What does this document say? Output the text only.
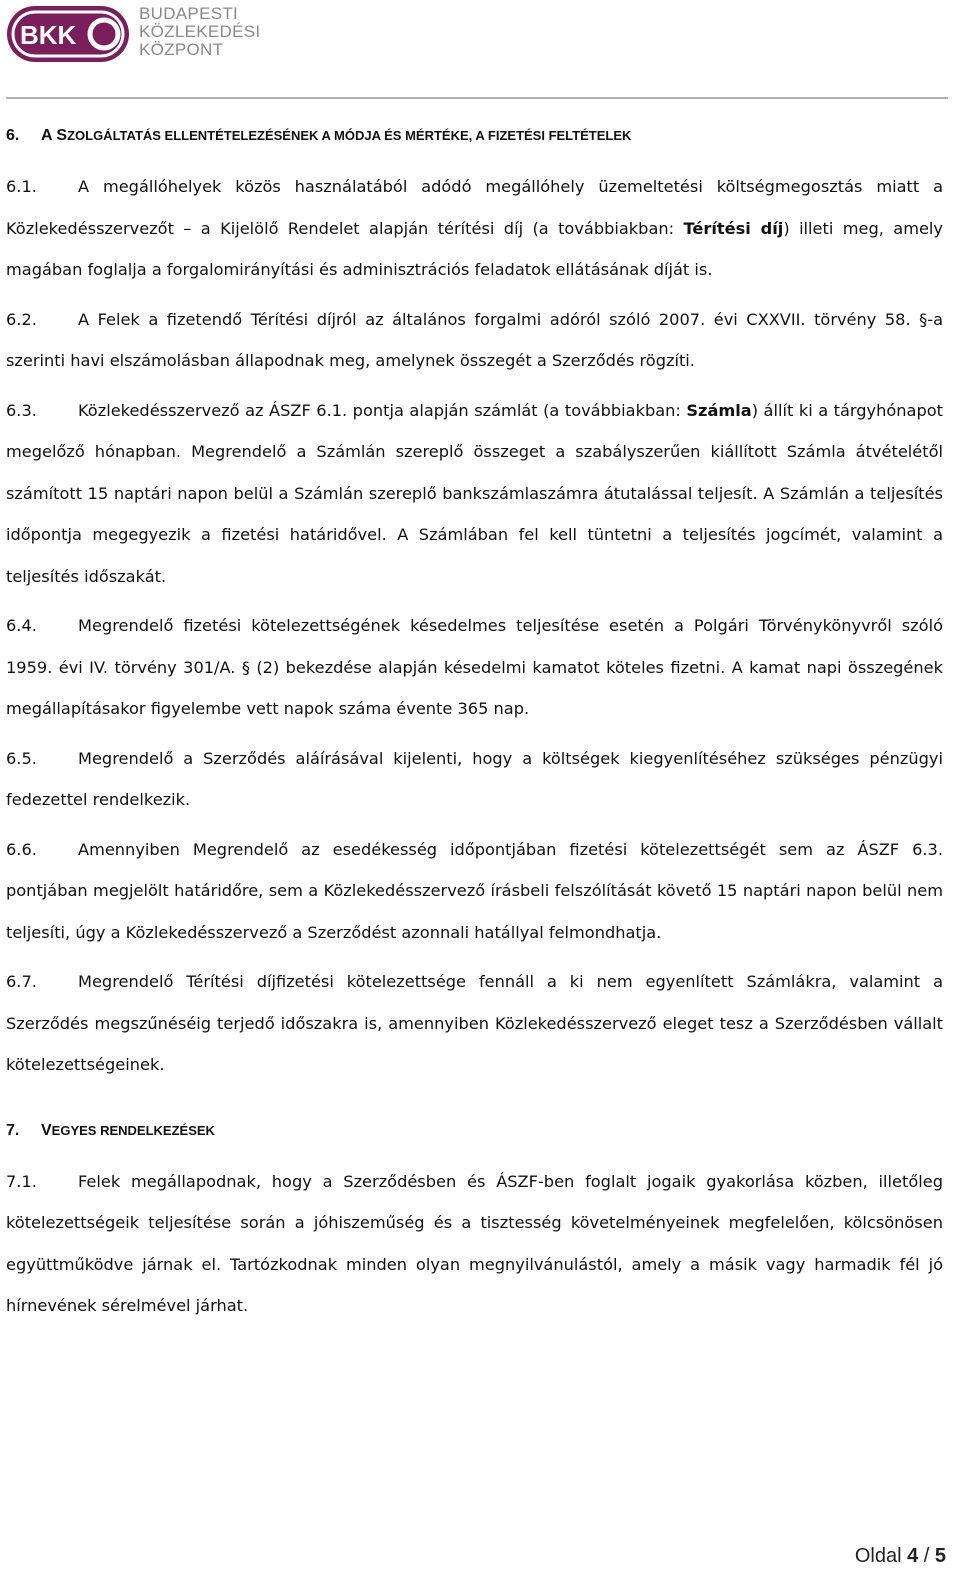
BKK
BUDAPESTI
KÖZLEKEDÉSI
KÖZPONT
6. A SZOLGÁLTATÁS ELLENTÉTELEZÉSÉNEK A MÓDJA ÉS MÉRTÉKE, A FIZETÉSI FELTÉTELEK

6.1.	A megállóhelyek közös használatából adódó megállóhely üzemeltetési költségmegosztás miatt a Közlekedésszervezőt – a Kijelölő Rendelet alapján térítési díj (a továbbiakban: Térítési díj) illeti meg, amely magában foglalja a forgalomirányítási és adminisztrációs feladatok ellátásának díját is.

6.2.	A Felek a fizetendő Térítési díjról az általános forgalmi adóról szóló 2007. évi CXXVII. törvény 58. §-a szerinti havi elszámolásban állapodnak meg, amelynek összegét a Szerződés rögzíti.

6.3.	Közlekedésszervező az ÁSZF 6.1. pontja alapján számlát (a továbbiakban: Számla) állít ki a tárgyhónapot megelőző hónapban. Megrendelő a Számlán szereplő összeget a szabályszerűen kiállított Számla átvételétől számított 15 naptári napon belül a Számlán szereplő bankszámlaszámra átutalással teljesít. A Számlán a teljesítés időpontja megegyezik a fizetési határidővel. A Számlában fel kell tüntetni a teljesítés jogcímét, valamint a teljesítés időszakát.

6.4.	Megrendelő fizetési kötelezettségének késedelmes teljesítése esetén a Polgári Törvénykönyvről szóló 1959. évi IV. törvény 301/A. § (2) bekezdése alapján késedelmi kamatot köteles fizetni. A kamat napi összegének megállapításakor figyelembe vett napok száma évente 365 nap.

6.5.	Megrendelő a Szerződés aláírásával kijelenti, hogy a költségek kiegyenlítéséhez szükséges pénzügyi fedezettel rendelkezik.

6.6.	Amennyiben Megrendelő az esedékesség időpontjában fizetési kötelezettségét sem az ÁSZF 6.3. pontjában megjelölt határidőre, sem a Közlekedésszervező írásbeli felszólítását követő 15 naptári napon belül nem teljesíti, úgy a Közlekedésszervező a Szerződést azonnali hatállyal felmondhatja.

6.7.	Megrendelő Térítési díjfizetési kötelezettsége fennáll a ki nem egyenlített Számlákra, valamint a Szerződés megszűnéséig terjedő időszakra is, amennyiben Közlekedésszervező eleget tesz a Szerződésben vállalt kötelezettségeinek.

7. VEGYES RENDELKEZÉSEK

7.1.	Felek megállapodnak, hogy a Szerződésben és ÁSZF-ben foglalt jogaik gyakorlása közben, illetőleg kötelezettségeik teljesítése során a jóhiszeműség és a tisztesség követelményeinek megfelelően, kölcsönösen együttműködve járnak el. Tartózkodnak minden olyan megnyilvánulástól, amely a másik vagy harmadik fél jó hírnevének sérelmével járhat.

Oldal 4 / 5
